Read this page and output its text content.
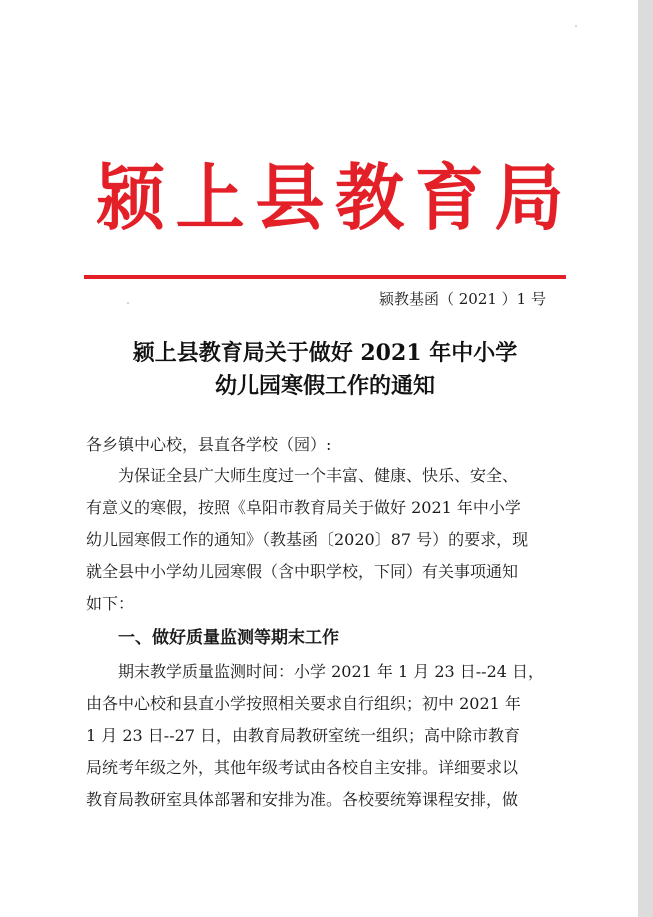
颍上县教育局
颍教基函（ 2021 ）1 号
颍上县教育局关于做好 2021 年中小学
幼儿园寒假工作的通知
各乡镇中心校，县直各学校（园）:
为保证全县广大师生度过一个丰富、健康、快乐、安全、
有意义的寒假，按照《阜阳市教育局关于做好 2021 年中小学
幼儿园寒假工作的通知》（教基函〔2020〕87 号）的要求，现
就全县中小学幼儿园寒假（含中职学校，下同）有关事项通知
如下：
一、做好质量监测等期末工作
期末教学质量监测时间：小学 2021 年 1 月 23 日--24 日，
由各中心校和县直小学按照相关要求自行组织；初中 2021 年
1 月 23 日--27 日，由教育局教研室统一组织；高中除市教育
局统考年级之外，其他年级考试由各校自主安排。详细要求以
教育局教研室具体部署和安排为准。各校要统筹课程安排，做
